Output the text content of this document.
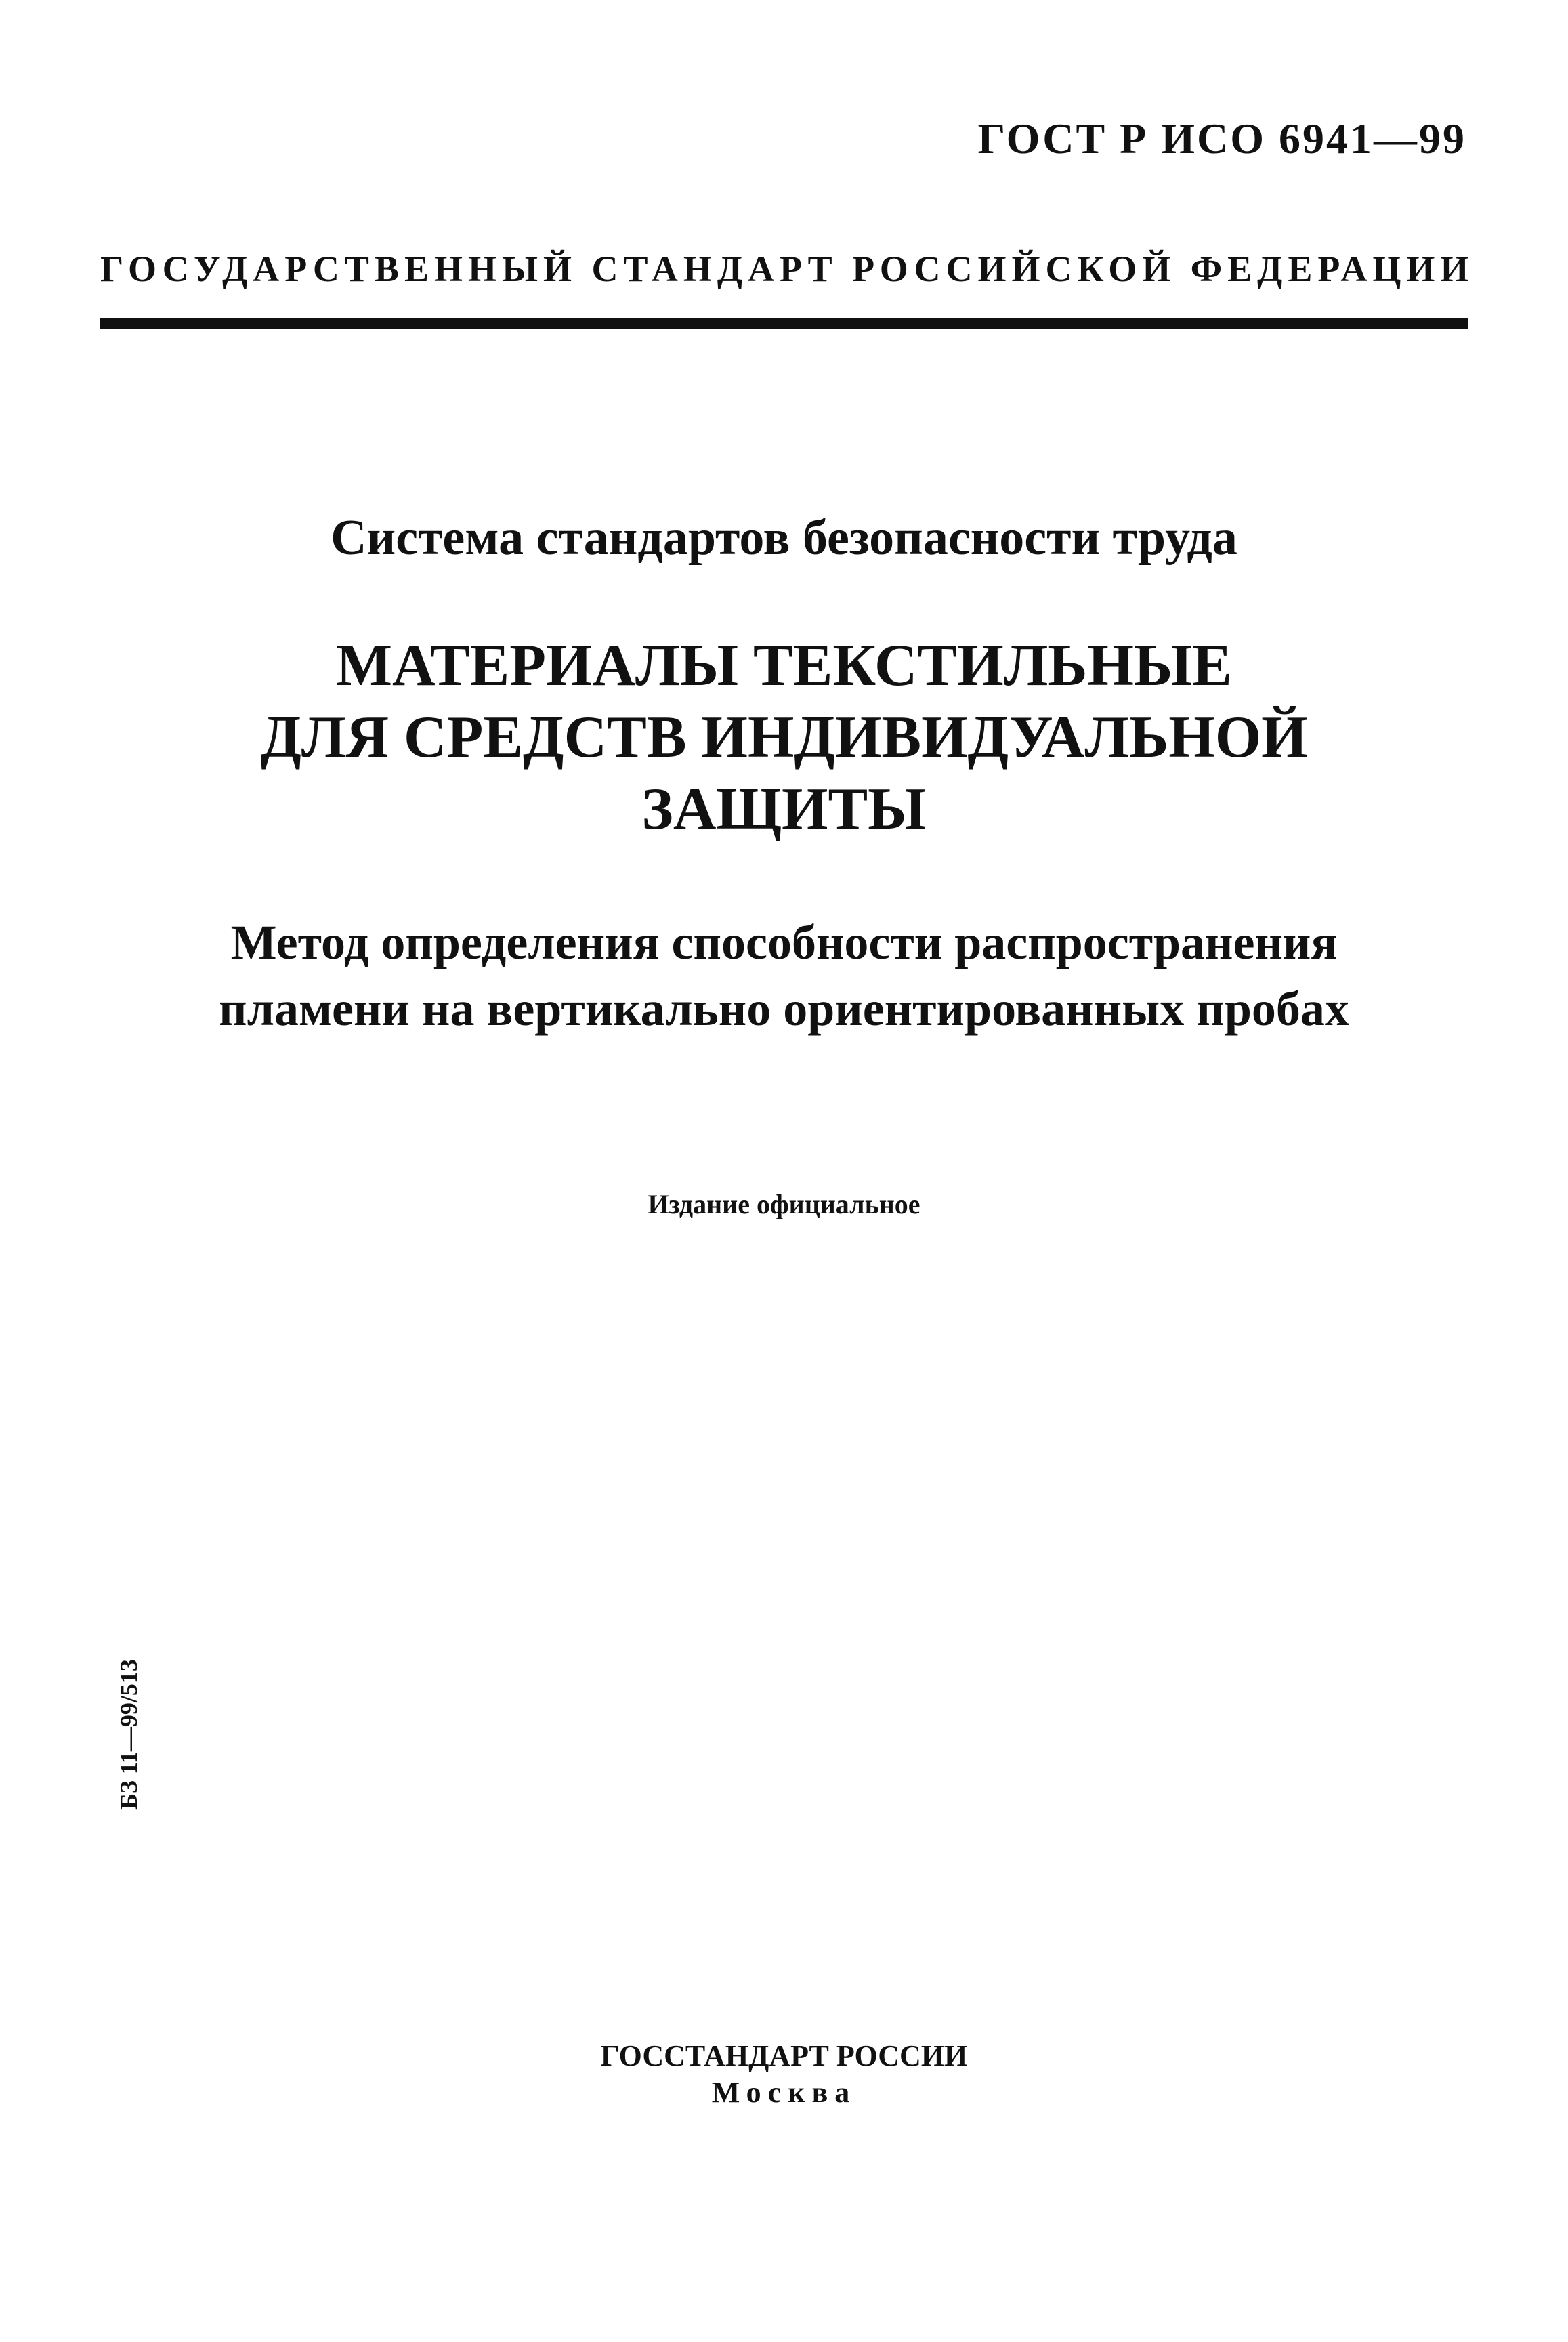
ГОСТ Р ИСО 6941—99
ГОСУДАРСТВЕННЫЙ СТАНДАРТ РОССИЙСКОЙ ФЕДЕРАЦИИ
Система стандартов безопасности труда
МАТЕРИАЛЫ ТЕКСТИЛЬНЫЕ
ДЛЯ СРЕДСТВ ИНДИВИДУАЛЬНОЙ
ЗАЩИТЫ
Метод определения способности распространения
пламени на вертикально ориентированных пробах
Издание официальное
БЗ 11—99/513
ГОССТАНДАРТ РОССИИ
Москва
